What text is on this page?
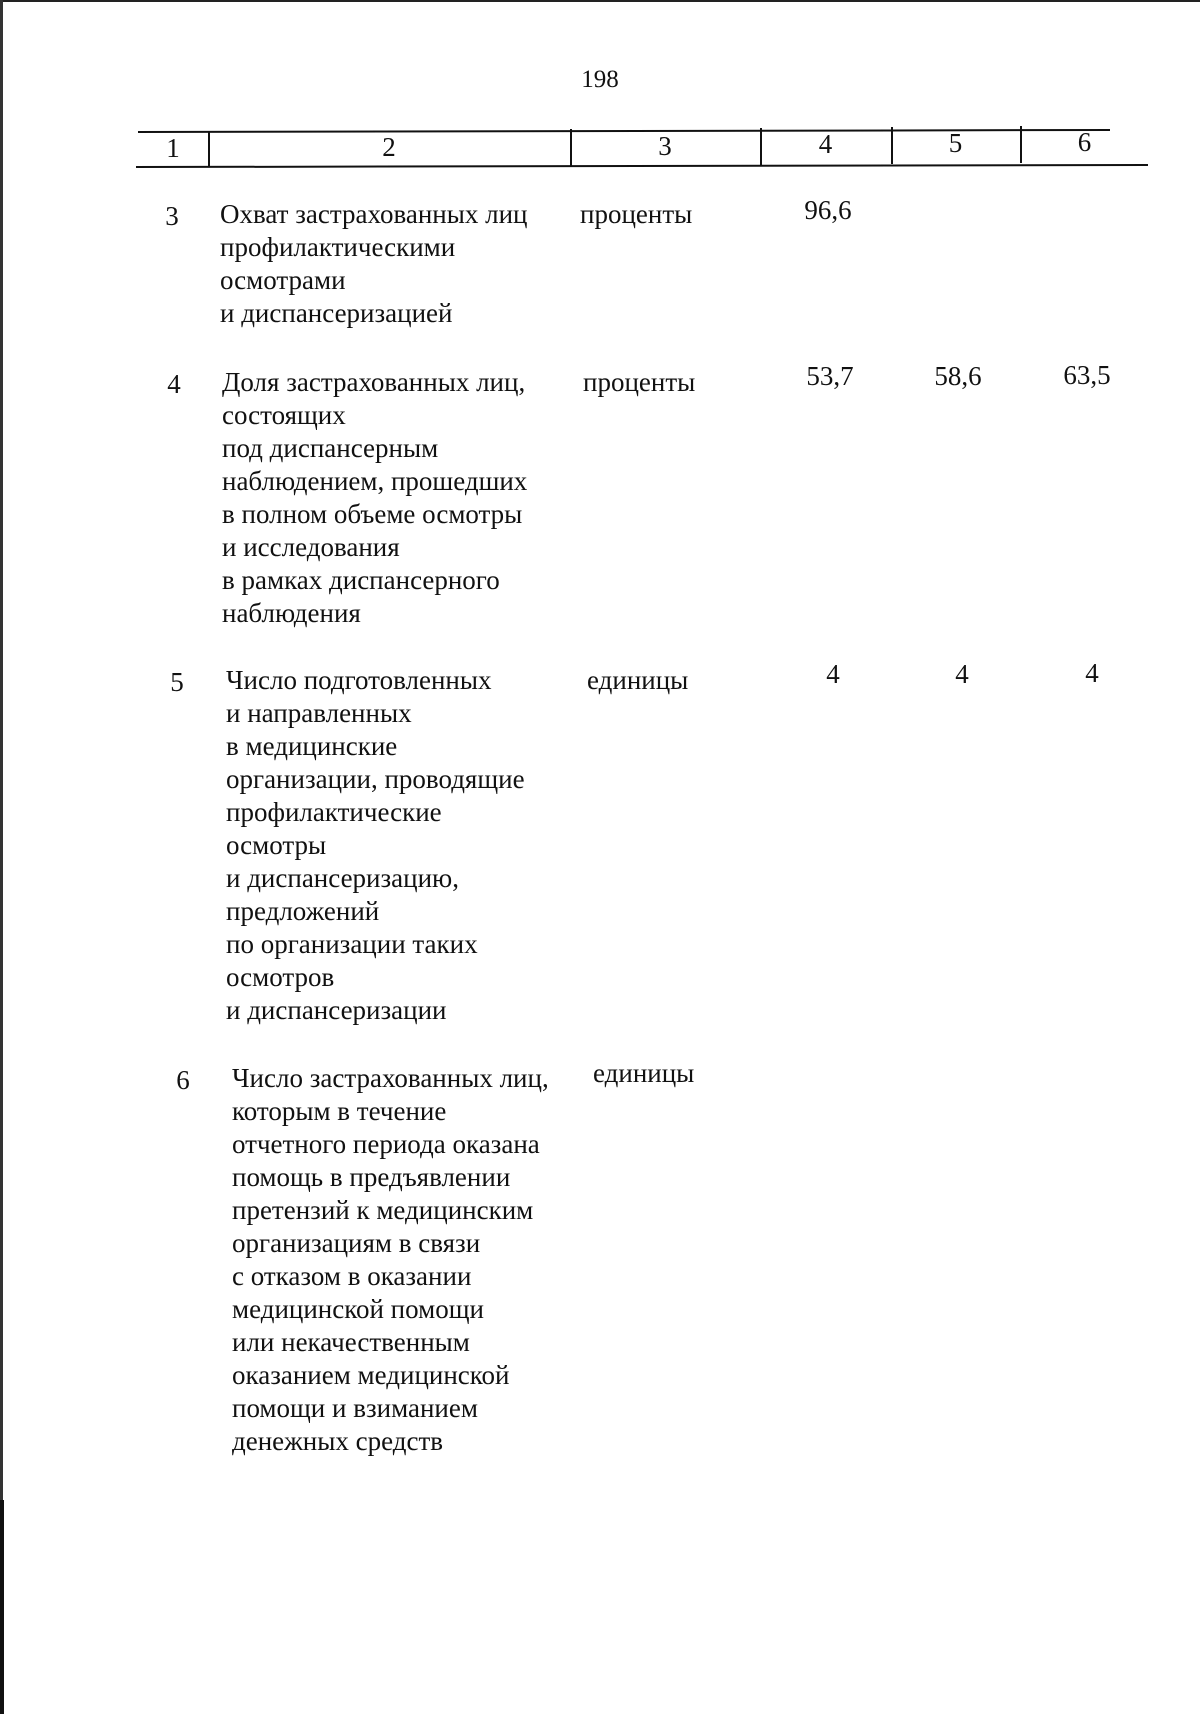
198
1	2	3	4	5	6
3	Охват застрахованных лиц
профилактическими
осмотрами
и диспансеризацией
проценты	96,6
4	Доля застрахованных лиц,
состоящих
под диспансерным
наблюдением, прошедших
в полном объеме осмотры
и исследования
в рамках диспансерного
наблюдения
проценты	53,7	58,6	63,5
5	Число подготовленных
и направленных
в медицинские
организации, проводящие
профилактические
осмотры
и диспансеризацию,
предложений
по организации таких
осмотров
и диспансеризации
единицы	4	4	4
6	Число застрахованных лиц,
которым в течение
отчетного периода оказана
помощь в предъявлении
претензий к медицинским
организациям в связи
с отказом в оказании
медицинской помощи
или некачественным
оказанием медицинской
помощи и взиманием
денежных средств
единицы
